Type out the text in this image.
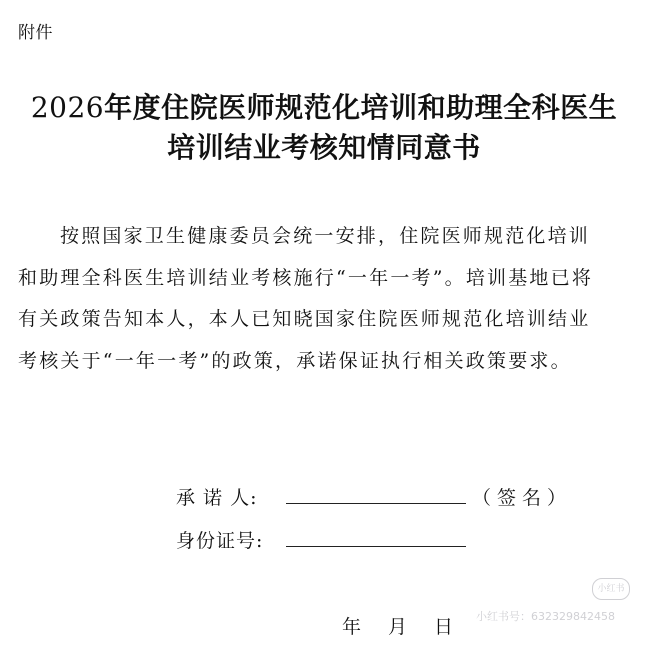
附件
2026年度住院医师规范化培训和助理全科医生
培训结业考核知情同意书
按照国家卫生健康委员会统一安排，住院医师规范化培训
和助理全科医生培训结业考核施行“一年一考”。培训基地已将
有关政策告知本人，本人已知晓国家住院医师规范化培训结业
考核关于“一年一考”的政策，承诺保证执行相关政策要求。
承 诺 人:	（签名）
身份证号:
年 月 日
小红书
小红书号：632329842458
